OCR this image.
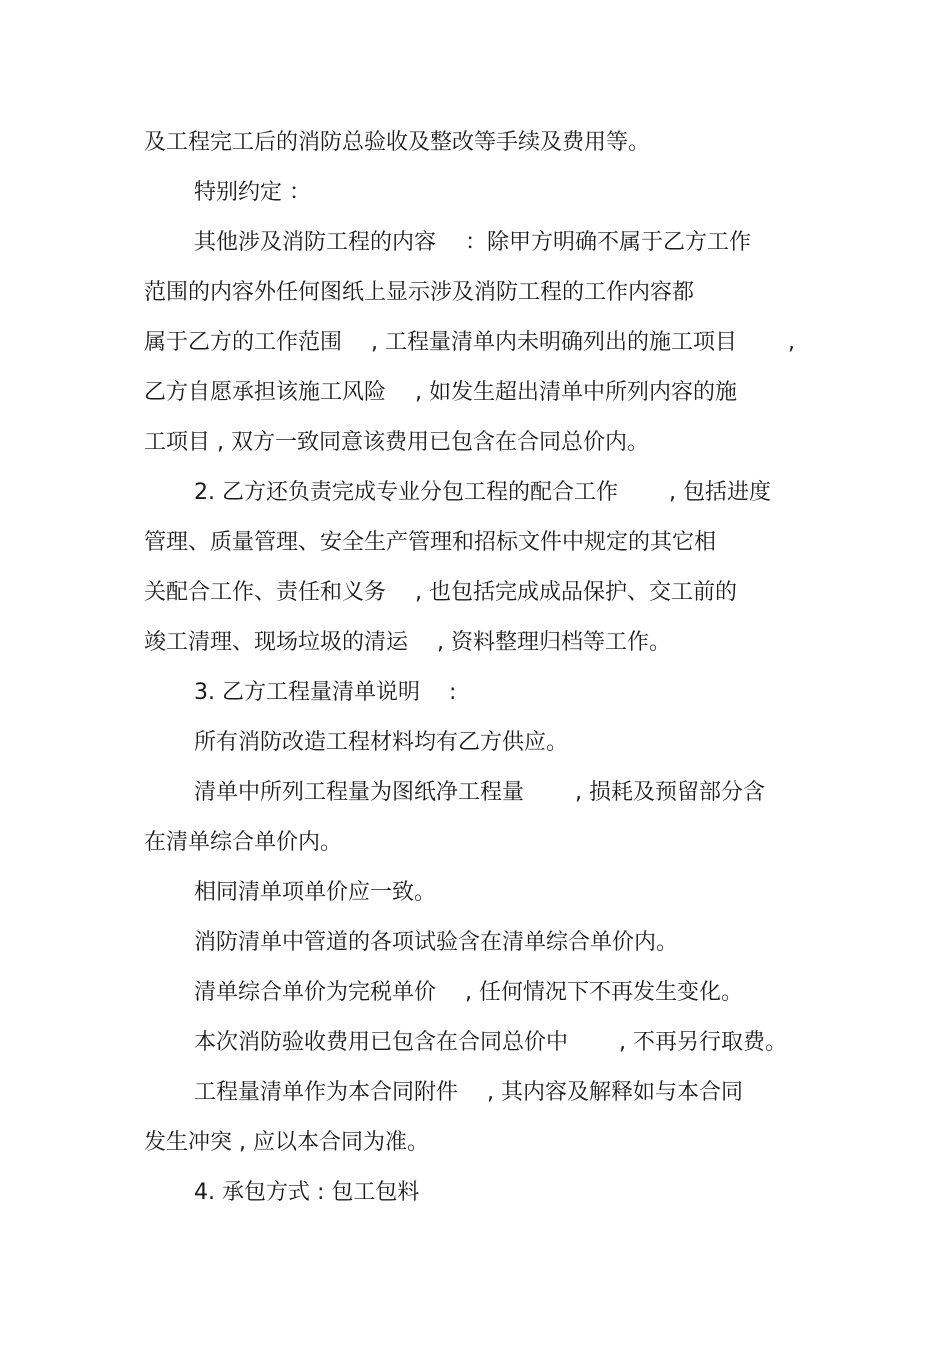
及工程完工后的消防总验收及整改等手续及费用等。
特别约定 ：
其他涉及消防工程的内容　 ：除甲方明确不属于乙方工作
范围的内容外任何图纸上显示涉及消防工程的工作内容都
属于乙方的工作范围　 , 工程量清单内未明确列出的施工项目　　 ,
乙方自愿承担该施工风险　 , 如发生超出清单中所列内容的施
工项目 , 双方一致同意该费用已包含在合同总价内。
2. 乙方还负责完成专业分包工程的配合工作　　 , 包括进度
管理、质量管理、安全生产管理和招标文件中规定的其它相
关配合工作、责任和义务　 , 也包括完成成品保护、交工前的
竣工清理、现场垃圾的清运　 , 资料整理归档等工作。
3. 乙方工程量清单说明　 :
所有消防改造工程材料均有乙方供应。
清单中所列工程量为图纸净工程量　　 , 损耗及预留部分含
在清单综合单价内。
相同清单项单价应一致。
消防清单中管道的各项试验含在清单综合单价内。
清单综合单价为完税单价　 , 任何情况下不再发生变化。
本次消防验收费用已包含在合同总价中　　 , 不再另行取费。
工程量清单作为本合同附件　 , 其内容及解释如与本合同
发生冲突 , 应以本合同为准。
4. 承包方式 : 包工包料
